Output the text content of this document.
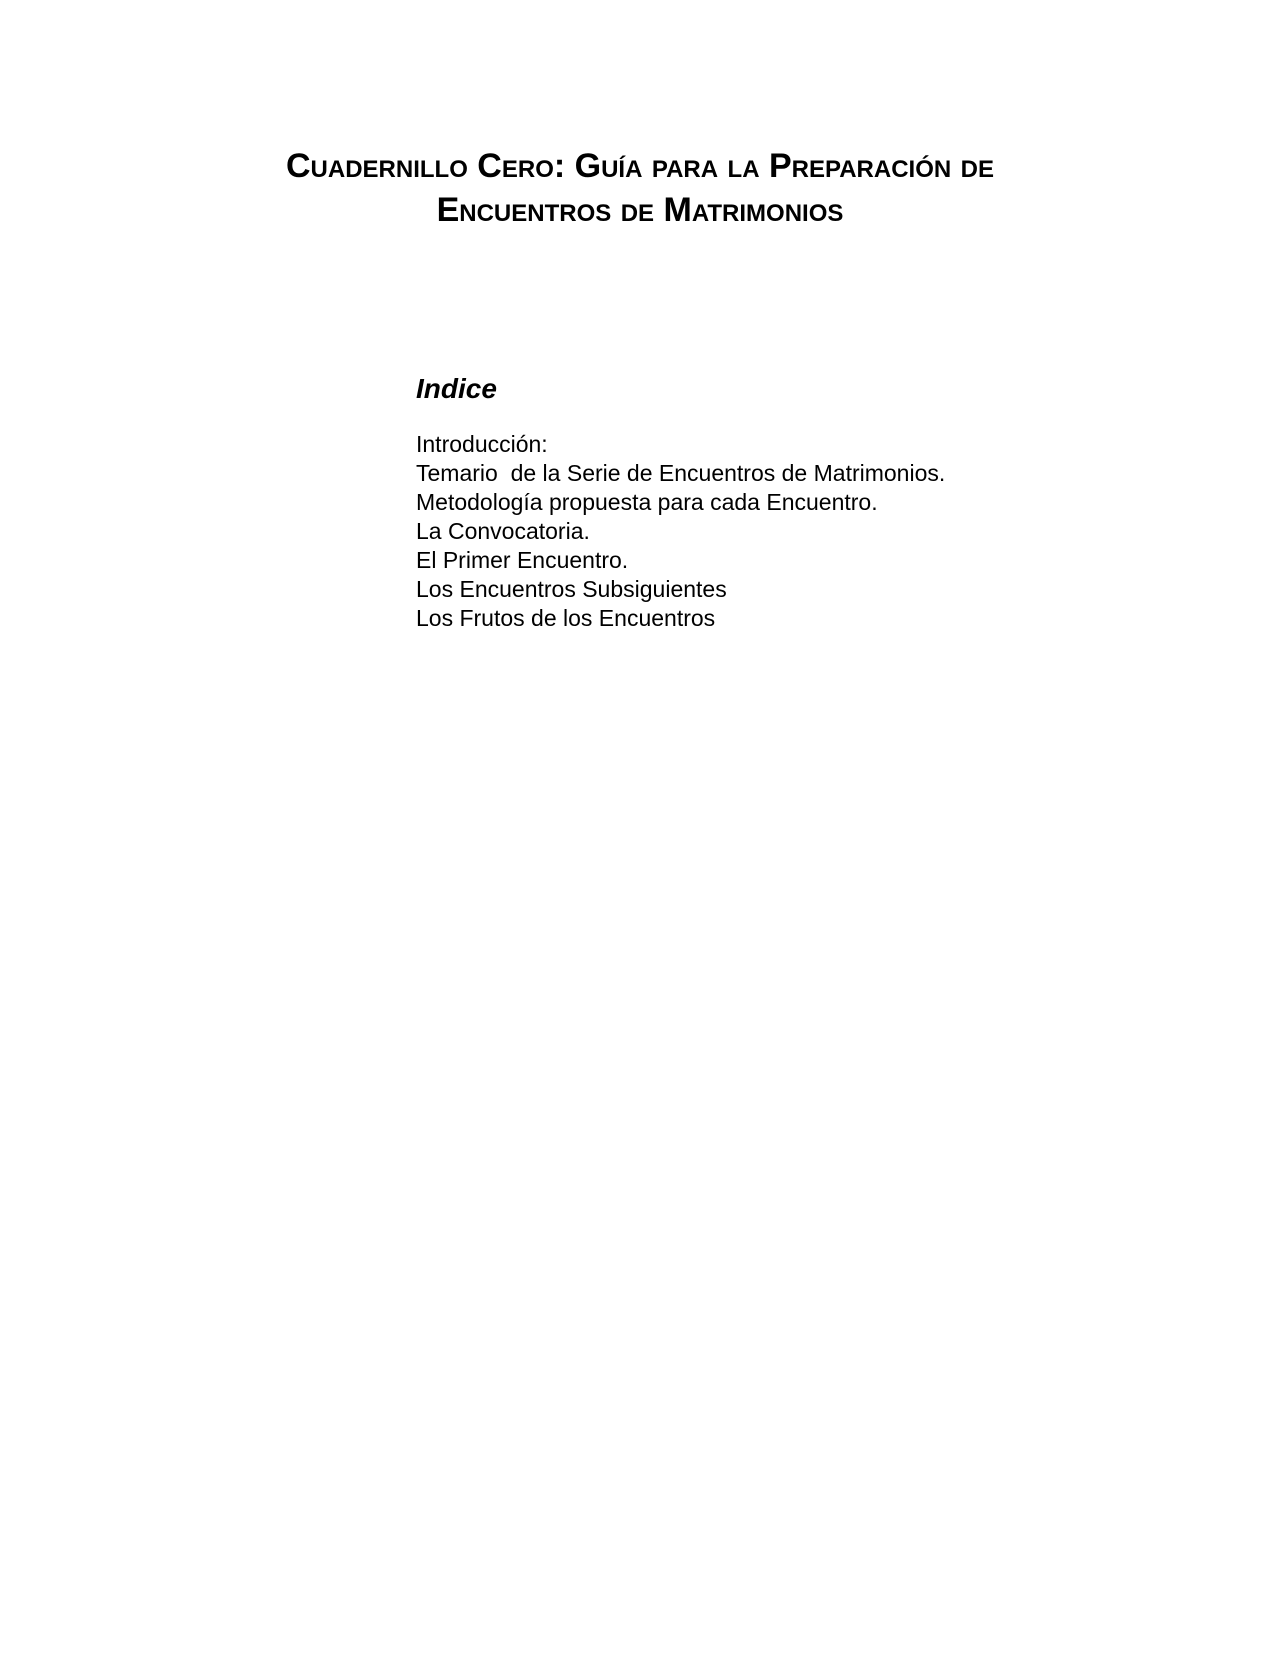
Cuadernillo Cero: Guía para la Preparación de
Encuentros de Matrimonios
Indice
Introducción:
Temario  de la Serie de Encuentros de Matrimonios.
Metodología propuesta para cada Encuentro.
La Convocatoria.
El Primer Encuentro.
Los Encuentros Subsiguientes
Los Frutos de los Encuentros
